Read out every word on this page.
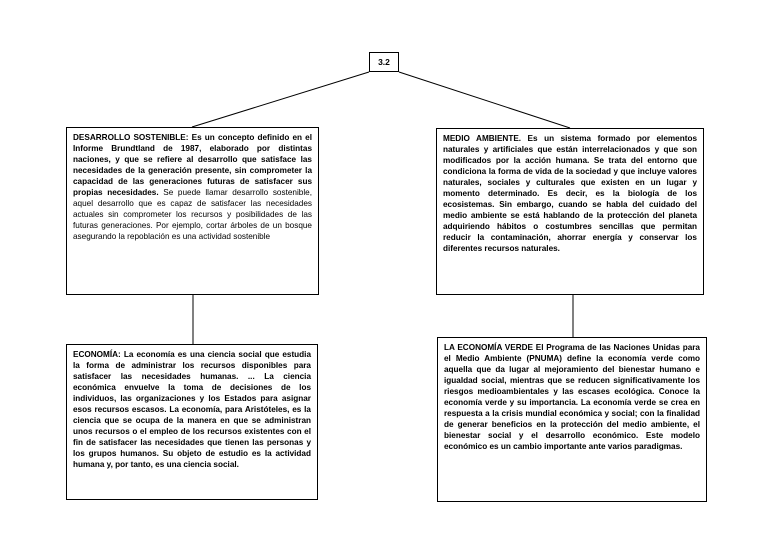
3.2
DESARROLLO SOSTENIBLE: Es un concepto definido en el Informe Brundtland de 1987, elaborado por distintas naciones, y que se refiere al desarrollo que satisface las necesidades de la generación presente, sin comprometer la capacidad de las generaciones futuras de satisfacer sus propias necesidades. Se puede llamar desarrollo sostenible, aquel desarrollo que es capaz de satisfacer las necesidades actuales sin comprometer los recursos y posibilidades de las futuras generaciones. Por ejemplo, cortar árboles de un bosque asegurando la repoblación es una actividad sostenible
MEDIO AMBIENTE. Es un sistema formado por elementos naturales y artificiales que están interrelacionados y que son modificados por la acción humana. Se trata del entorno que condiciona la forma de vida de la sociedad y que incluye valores naturales, sociales y culturales que existen en un lugar y momento determinado. Es decir, es la biología de los ecosistemas. Sin embargo, cuando se habla del cuidado del medio ambiente se está hablando de la protección del planeta adquiriendo hábitos o costumbres sencillas que permitan reducir la contaminación, ahorrar energía y conservar los diferentes recursos naturales.
ECONOMÍA: La economía es una ciencia social que estudia la forma de administrar los recursos disponibles para satisfacer las necesidades humanas. ... La ciencia económica envuelve la toma de decisiones de los individuos, las organizaciones y los Estados para asignar esos recursos escasos. La economía, para Aristóteles, es la ciencia que se ocupa de la manera en que se administran unos recursos o el empleo de los recursos existentes con el fin de satisfacer las necesidades que tienen las personas y los grupos humanos. Su objeto de estudio es la actividad humana y, por tanto, es una ciencia social.
LA ECONOMÍA VERDE El Programa de las Naciones Unidas para el Medio Ambiente (PNUMA) define la economía verde como aquella que da lugar al mejoramiento del bienestar humano e igualdad social, mientras que se reducen significativamente los riesgos medioambientales y las escases ecológica. Conoce la economía verde y su importancia. La economía verde se crea en respuesta a la crisis mundial económica y social; con la finalidad de generar beneficios en la protección del medio ambiente, el bienestar social y el desarrollo económico. Este modelo económico es un cambio importante ante varios paradigmas.
